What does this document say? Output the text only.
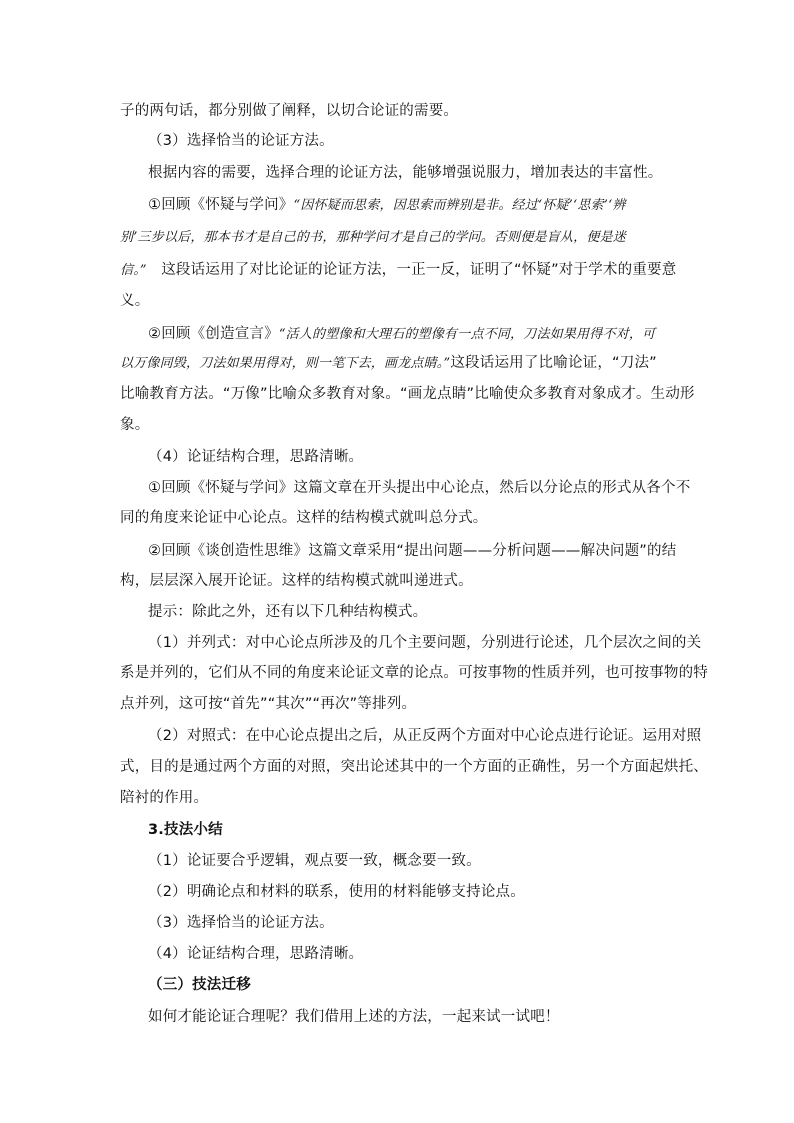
子的两句话，都分别做了阐释，以切合论证的需要。
（3）选择恰当的论证方法。
根据内容的需要，选择合理的论证方法，能够增强说服力，增加表达的丰富性。
①回顾《怀疑与学问》“因怀疑而思索，因思索而辨别是非。经过‘怀疑’‘思索’‘辨
别’三步以后，那本书才是自己的书，那种学问才是自己的学问。否则便是盲从，便是迷
信。” 这段话运用了对比论证的论证方法，一正一反，证明了“怀疑”对于学术的重要意
义。
②回顾《创造宣言》“活人的塑像和大理石的塑像有一点不同，刀法如果用得不对，可
以万像同毁，刀法如果用得对，则一笔下去，画龙点睛。”这段话运用了比喻论证，“刀法”
比喻教育方法。“万像”比喻众多教育对象。“画龙点睛”比喻使众多教育对象成才。生动形
象。
（4）论证结构合理，思路清晰。
①回顾《怀疑与学问》这篇文章在开头提出中心论点，然后以分论点的形式从各个不
同的角度来论证中心论点。这样的结构模式就叫总分式。
②回顾《谈创造性思维》这篇文章采用“提出问题——分析问题——解决问题”的结
构，层层深入展开论证。这样的结构模式就叫递进式。
提示：除此之外，还有以下几种结构模式。
（1）并列式：对中心论点所涉及的几个主要问题，分别进行论述，几个层次之间的关
系是并列的，它们从不同的角度来论证文章的论点。可按事物的性质并列，也可按事物的特
点并列，这可按“首先”“其次”“再次”等排列。
（2）对照式：在中心论点提出之后，从正反两个方面对中心论点进行论证。运用对照
式，目的是通过两个方面的对照，突出论述其中的一个方面的正确性，另一个方面起烘托、
陪衬的作用。
3.技法小结
（1）论证要合乎逻辑，观点要一致，概念要一致。
（2）明确论点和材料的联系，使用的材料能够支持论点。
（3）选择恰当的论证方法。
（4）论证结构合理，思路清晰。
（三）技法迁移
如何才能论证合理呢？我们借用上述的方法，一起来试一试吧！
